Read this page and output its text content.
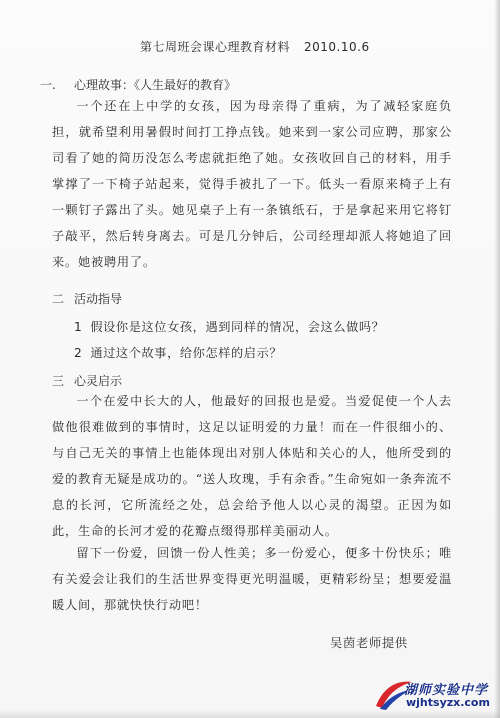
第七周班会课心理教育材料 2010.10.6
一. 心理故事：《人生最好的教育》

一个还在上中学的女孩，因为母亲得了重病，为了减轻家庭负担，就希望利用暑假时间打工挣点钱。她来到一家公司应聘，那家公司看了她的简历没怎么考虑就拒绝了她。女孩收回自己的材料，用手掌撑了一下椅子站起来，觉得手被扎了一下。低头一看原来椅子上有一颗钉子露出了头。她见桌子上有一条镇纸石，于是拿起来用它将钉子敲平，然后转身离去。可是几分钟后，公司经理却派人将她追了回来。她被聘用了。

二 活动指导
1 假设你是这位女孩，遇到同样的情况，会这么做吗？
2 通过这个故事，给你怎样的启示？
三 心灵启示

一个在爱中长大的人，他最好的回报也是爱。当爱促使一个人去做他很难做到的事情时，这足以证明爱的力量！而在一件很细小的、与自己无关的事情上也能体现出对别人体贴和关心的人，他所受到的爱的教育无疑是成功的。“送人玫瑰，手有余香。”生命宛如一条奔流不息的长河，它所流经之处，总会给予他人以心灵的渴望。正因为如此，生命的长河才爱的花瓣点缀得那样美丽动人。

留下一份爱，回馈一份人性美；多一份爱心，便多十份快乐；唯有关爱会让我们的生活世界变得更光明温暖，更精彩纷呈；想要爱温暖人间，那就快快行动吧！

吴茵老师提供
湖师实验中学
wjhtsyzx.com
